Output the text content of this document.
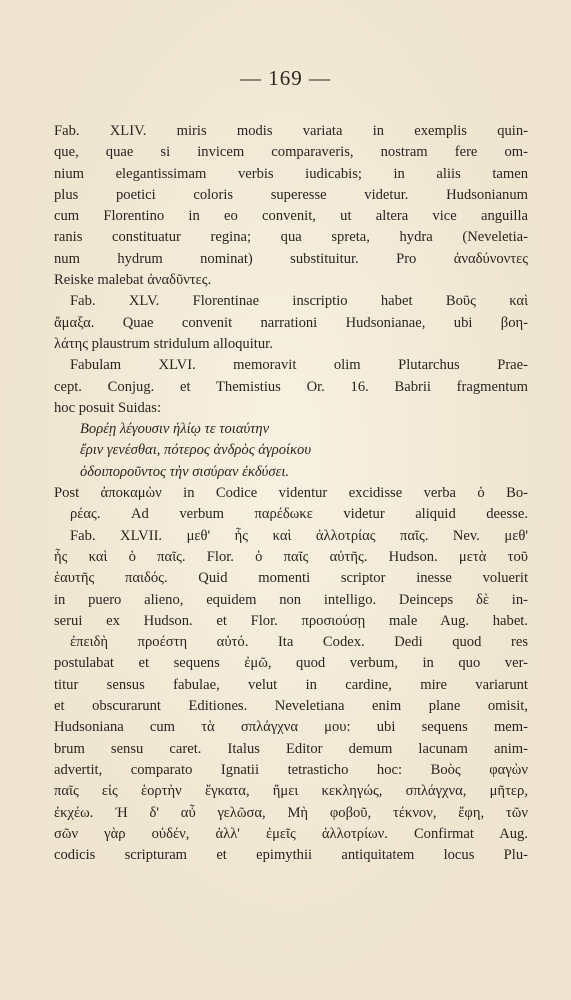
— 169 —
Fab. XLIV. miris modis variata in exemplis quin-
que, quae si invicem comparaveris, nostram fere om-
nium elegantissimam verbis iudicabis; in aliis tamen
plus poetici coloris superesse videtur. Hudsonianum
cum Florentino in eo convenit, ut altera vice anguilla
ranis constituatur regina; qua spreta, hydra (Neveletia-
num hydrum nominat) substituitur. Pro ἀναδύνοντες
Reiske malebat ἀναδῦντες.
Fab. XLV. Florentinae inscriptio habet Βοῦς καὶ
ἄμαξα. Quae convenit narrationi Hudsonianae, ubi βοη-
λάτης plaustrum stridulum alloquitur.
Fabulam XLVI. memoravit olim Plutarchus Prae-
cept. Conjug. et Themistius Or. 16. Babrii fragmentum
hoc posuit Suidas:
Βορέῃ λέγουσιν ἡλίῳ τε τοιαύτην
ἔριν γενέσθαι, πότερος ἀνδρὸς ἀγροίκου
ὁδοιποροῦντος τὴν σισύραν ἐκδύσει.
Post ἀποκαμὼν in Codice videntur excidisse verba ὁ Βο-
ρέας. Ad verbum παρέδωκε videtur aliquid deesse.
Fab. XLVII. μεθ' ἧς καὶ ἀλλοτρίας παῖς. Nev. μεθ'
ἧς καὶ ὁ παῖς. Flor. ὁ παῖς αὐτῆς. Hudson. μετὰ τοῦ
ἑαυτῆς παιδός. Quid momenti scriptor inesse voluerit
in puero alieno, equidem non intelligo. Deinceps δὲ in-
serui ex Hudson. et Flor. προσιούσῃ male Aug. habet.
ἐπειδὴ προέστη αὐτό. Ita Codex. Dedi quod res
postulabat et sequens ἐμῶ, quod verbum, in quo ver-
titur sensus fabulae, velut in cardine, mire variarunt
et obscurarunt Editiones. Neveletiana enim plane omisit,
Hudsoniana cum τὰ σπλάγχνα μου: ubi sequens mem-
brum sensu caret. Italus Editor demum lacunam anim-
advertit, comparato Ignatii tetrasticho hoc: Βοὸς φαγὼν
παῖς εἰς ἑορτὴν ἔγκατα, ἤμει κεκληγώς, σπλάγχνα, μῆτερ,
ἐκχέω. Ἡ δ' αὖ γελῶσα, Μὴ φοβοῦ, τέκνον, ἔφη, τῶν
σῶν γὰρ οὐδέν, ἀλλ' ἐμεῖς ἀλλοτρίων. Confirmat Aug.
codicis scripturam et epimythii antiquitatem locus Plu-
